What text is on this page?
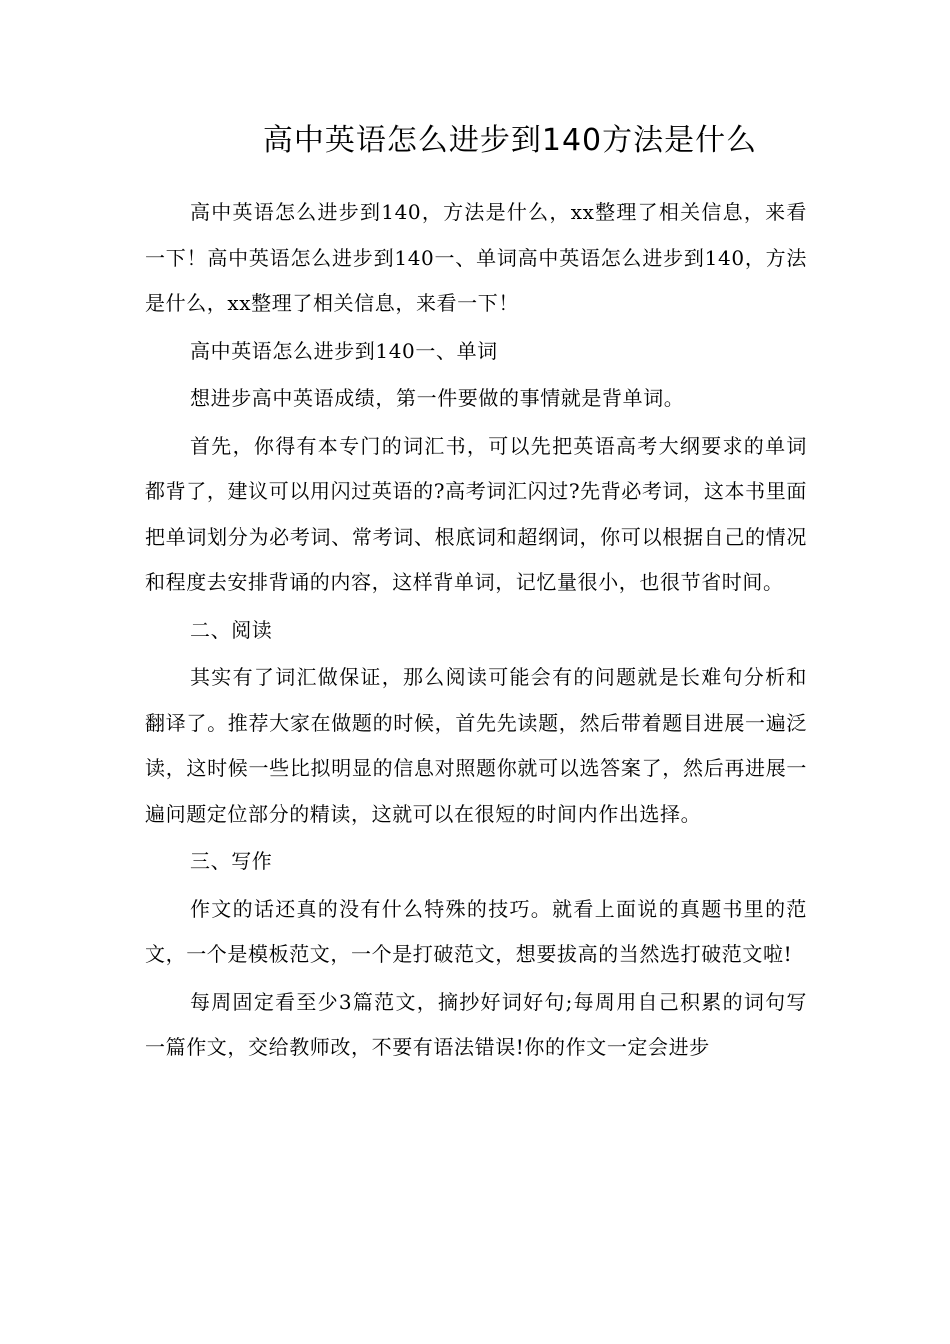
高中英语怎么进步到140方法是什么

高中英语怎么进步到140，方法是什么，xx整理了相关信息，来看一下！高中英语怎么进步到140一、单词高中英语怎么进步到140，方法是什么，xx整理了相关信息，来看一下！

高中英语怎么进步到140一、单词

想进步高中英语成绩，第一件要做的事情就是背单词。

首先，你得有本专门的词汇书，可以先把英语高考大纲要求的单词都背了，建议可以用闪过英语的?高考词汇闪过?先背必考词，这本书里面把单词划分为必考词、常考词、根底词和超纲词，你可以根据自己的情况和程度去安排背诵的内容，这样背单词，记忆量很小，也很节省时间。

二、阅读

其实有了词汇做保证，那么阅读可能会有的问题就是长难句分析和翻译了。推荐大家在做题的时候，首先先读题，然后带着题目进展一遍泛读，这时候一些比拟明显的信息对照题你就可以选答案了，然后再进展一遍问题定位部分的精读，这就可以在很短的时间内作出选择。

三、写作

作文的话还真的没有什么特殊的技巧。就看上面说的真题书里的范文，一个是模板范文，一个是打破范文，想要拔高的当然选打破范文啦!

每周固定看至少3篇范文，摘抄好词好句;每周用自己积累的词句写一篇作文，交给教师改，不要有语法错误!你的作文一定会进步
